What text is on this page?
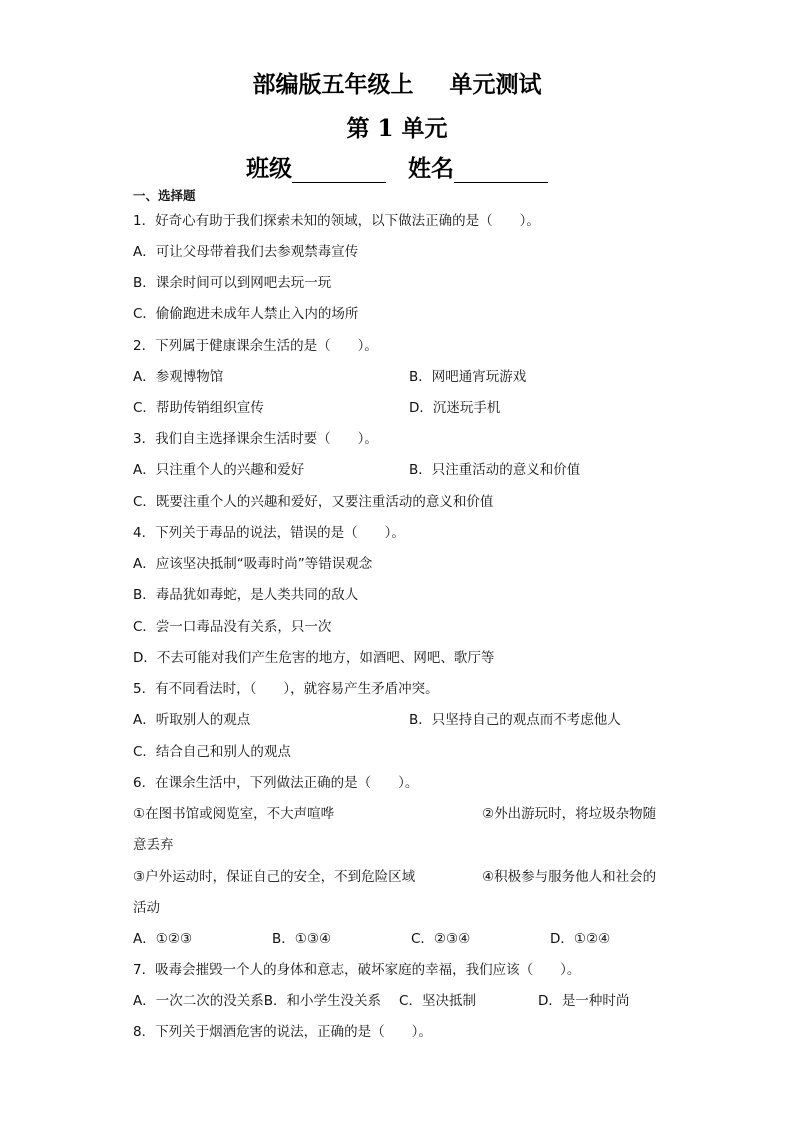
部编版五年级上 单元测试
第 1 单元
班级	姓名
一、选择题
1．好奇心有助于我们探索未知的领域，以下做法正确的是（　　）。
A．可让父母带着我们去参观禁毒宣传
B．课余时间可以到网吧去玩一玩
C．偷偷跑进未成年人禁止入内的场所
2．下列属于健康课余生活的是（　　）。
A．参观博物馆	B．网吧通宵玩游戏
C．帮助传销组织宣传	D．沉迷玩手机
3．我们自主选择课余生活时要（　　）。
A．只注重个人的兴趣和爱好	B．只注重活动的意义和价值
C．既要注重个人的兴趣和爱好，又要注重活动的意义和价值
4．下列关于毒品的说法，错误的是（　　）。
A．应该坚决抵制“吸毒时尚”等错误观念
B．毒品犹如毒蛇，是人类共同的敌人
C．尝一口毒品没有关系，只一次
D．不去可能对我们产生危害的地方，如酒吧、网吧、歌厅等
5．有不同看法时，（　　），就容易产生矛盾冲突。
A．听取别人的观点	B．只坚持自己的观点而不考虑他人
C．结合自己和别人的观点
6．在课余生活中，下列做法正确的是（　　）。
①在图书馆或阅览室，不大声喧哗	②外出游玩时，将垃圾杂物随
意丢弃
③户外运动时，保证自己的安全，不到危险区域	④积极参与服务他人和社会的
活动
A．①②③	B．①③④	C．②③④	D．①②④
7．吸毒会摧毁一个人的身体和意志，破坏家庭的幸福，我们应该（　　）。
A．一次二次的没关系B．和小学生没关系 C．坚决抵制	D．是一种时尚
8．下列关于烟酒危害的说法，正确的是（　　）。
